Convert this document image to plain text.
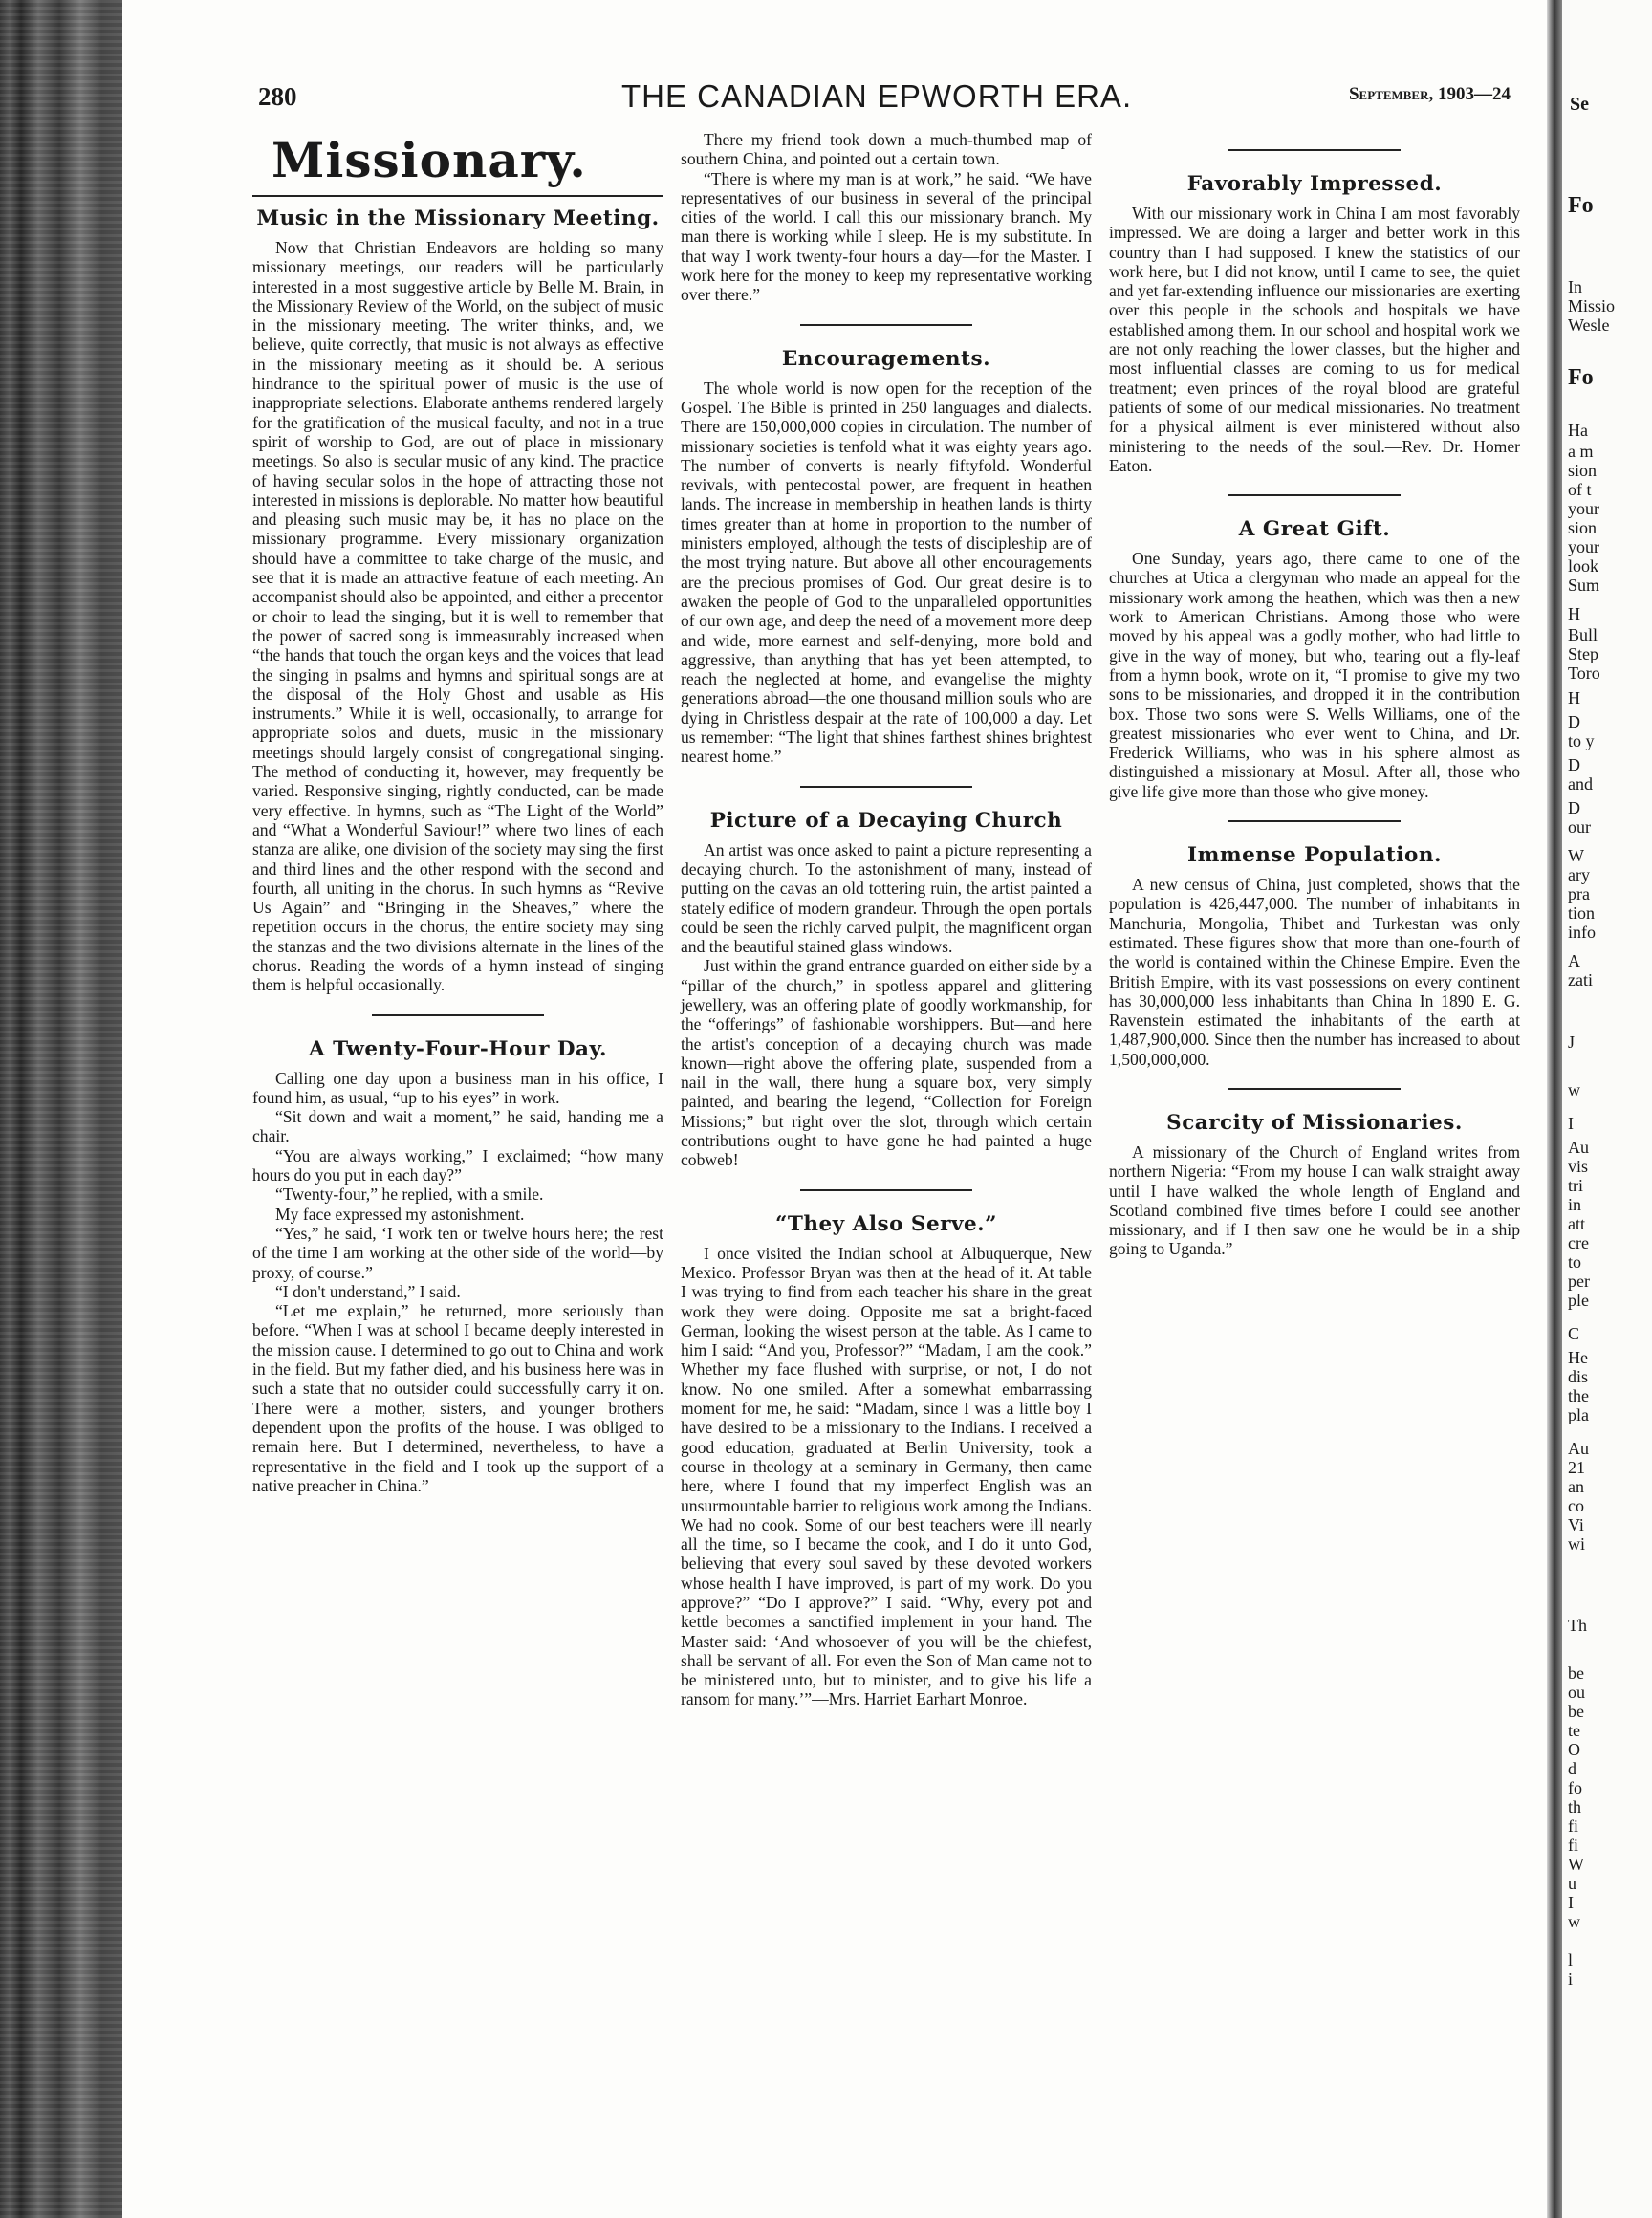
Se
Fo
In
Missio
Wesle
Fo
Ha
a m
sion
of t
your
sion
your
look
Sum
H
Bull
Step
Toro
H
D
to y
D
and
D
our
W
ary
pra
tion
info
A
zati
J
w
I
Au
vis
tri
in
att
cre
to
per
ple
C
He
dis
the
pla
Au
21
an
co
Vi
wi
Th
be
ou
be
te
O
d
fo
th
fi
fi
W
u
I
w
l
i
280	THE CANADIAN EPWORTH ERA.	September, 1903—24
Missionary.
Music in the Missionary Meeting.

Now that Christian Endeavors are holding so many missionary meetings, our readers will be particularly interested in a most suggestive article by Belle M. Brain, in the Missionary Review of the World, on the subject of music in the missionary meeting. The writer thinks, and, we believe, quite correctly, that music is not always as effective in the missionary meeting as it should be. A serious hindrance to the spiritual power of music is the use of inappropriate selections. Elaborate anthems rendered largely for the gratification of the musical faculty, and not in a true spirit of worship to God, are out of place in missionary meetings. So also is secular music of any kind. The practice of having secular solos in the hope of attracting those not interested in missions is deplorable. No matter how beautiful and pleasing such music may be, it has no place on the missionary programme. Every missionary organization should have a committee to take charge of the music, and see that it is made an attractive feature of each meeting. An accompanist should also be appointed, and either a precentor or choir to lead the singing, but it is well to remember that the power of sacred song is immeasurably increased when “the hands that touch the organ keys and the voices that lead the singing in psalms and hymns and spiritual songs are at the disposal of the Holy Ghost and usable as His instruments.” While it is well, occasionally, to arrange for appropriate solos and duets, music in the missionary meetings should largely consist of congregational singing. The method of conducting it, however, may frequently be varied. Responsive singing, rightly conducted, can be made very effective. In hymns, such as “The Light of the World” and “What a Wonderful Saviour!” where two lines of each stanza are alike, one division of the society may sing the first and third lines and the other respond with the second and fourth, all uniting in the chorus. In such hymns as “Revive Us Again” and “Bringing in the Sheaves,” where the repetition occurs in the chorus, the entire society may sing the stanzas and the two divisions alternate in the lines of the chorus. Reading the words of a hymn instead of singing them is helpful occasionally.

A Twenty-Four-Hour Day.

Calling one day upon a business man in his office, I found him, as usual, “up to his eyes” in work.

“Sit down and wait a moment,” he said, handing me a chair.

“You are always working,” I exclaimed; “how many hours do you put in each day?”

“Twenty-four,” he replied, with a smile.

My face expressed my astonishment.

“Yes,” he said, ‘I work ten or twelve hours here; the rest of the time I am working at the other side of the world—by proxy, of course.”

“I don't understand,” I said.

“Let me explain,” he returned, more seriously than before. “When I was at school I became deeply interested in the mission cause. I determined to go out to China and work in the field. But my father died, and his business here was in such a state that no outsider could successfully carry it on. There were a mother, sisters, and younger brothers dependent upon the profits of the house. I was obliged to remain here. But I determined, nevertheless, to have a representative in the field and I took up the support of a native preacher in China.”

There my friend took down a much-thumbed map of southern China, and pointed out a certain town.

“There is where my man is at work,” he said. “We have representatives of our business in several of the principal cities of the world. I call this our missionary branch. My man there is working while I sleep. He is my substitute. In that way I work twenty-four hours a day—for the Master. I work here for the money to keep my representative working over there.”

Encouragements.

The whole world is now open for the reception of the Gospel. The Bible is printed in 250 languages and dialects. There are 150,000,000 copies in circulation. The number of missionary societies is tenfold what it was eighty years ago. The number of converts is nearly fiftyfold. Wonderful revivals, with pentecostal power, are frequent in heathen lands. The increase in membership in heathen lands is thirty times greater than at home in proportion to the number of ministers employed, although the tests of discipleship are of the most trying nature. But above all other encouragements are the precious promises of God. Our great desire is to awaken the people of God to the unparalleled opportunities of our own age, and deep the need of a movement more deep and wide, more earnest and self-denying, more bold and aggressive, than anything that has yet been attempted, to reach the neglected at home, and evangelise the mighty generations abroad—the one thousand million souls who are dying in Christless despair at the rate of 100,000 a day. Let us remember: “The light that shines farthest shines brightest nearest home.”

Picture of a Decaying Church

An artist was once asked to paint a picture representing a decaying church. To the astonishment of many, instead of putting on the cavas an old tottering ruin, the artist painted a stately edifice of modern grandeur. Through the open portals could be seen the richly carved pulpit, the magnificent organ and the beautiful stained glass windows.

Just within the grand entrance guarded on either side by a “pillar of the church,” in spotless apparel and glittering jewellery, was an offering plate of goodly workmanship, for the “offerings” of fashionable worshippers. But—and here the artist's conception of a decaying church was made known—right above the offering plate, suspended from a nail in the wall, there hung a square box, very simply painted, and bearing the legend, “Collection for Foreign Missions;” but right over the slot, through which certain contributions ought to have gone he had painted a huge cobweb!

“They Also Serve.”

I once visited the Indian school at Albuquerque, New Mexico. Professor Bryan was then at the head of it. At table I was trying to find from each teacher his share in the great work they were doing. Opposite me sat a bright-faced German, looking the wisest person at the table. As I came to him I said: “And you, Professor?” “Madam, I am the cook.” Whether my face flushed with surprise, or not, I do not know. No one smiled. After a somewhat embarrassing moment for me, he said: “Madam, since I was a little boy I have desired to be a missionary to the Indians. I received a good education, graduated at Berlin University, took a course in theology at a seminary in Germany, then came here, where I found that my imperfect English was an unsurmountable barrier to religious work among the Indians. We had no cook. Some of our best teachers were ill nearly all the time, so I became the cook, and I do it unto God, believing that every soul saved by these devoted workers whose health I have improved, is part of my work. Do you approve?” “Do I approve?” I said. “Why, every pot and kettle becomes a sanctified implement in your hand. The Master said: ‘And whosoever of you will be the chiefest, shall be servant of all. For even the Son of Man came not to be ministered unto, but to minister, and to give his life a ransom for many.’”—Mrs. Harriet Earhart Monroe.

Favorably Impressed.

With our missionary work in China I am most favorably impressed. We are doing a larger and better work in this country than I had supposed. I knew the statistics of our work here, but I did not know, until I came to see, the quiet and yet far-extending influence our missionaries are exerting over this people in the schools and hospitals we have established among them. In our school and hospital work we are not only reaching the lower classes, but the higher and most influential classes are coming to us for medical treatment; even princes of the royal blood are grateful patients of some of our medical missionaries. No treatment for a physical ailment is ever ministered without also ministering to the needs of the soul.—Rev. Dr. Homer Eaton.

A Great Gift.

One Sunday, years ago, there came to one of the churches at Utica a clergyman who made an appeal for the missionary work among the heathen, which was then a new work to American Christians. Among those who were moved by his appeal was a godly mother, who had little to give in the way of money, but who, tearing out a fly-leaf from a hymn book, wrote on it, “I promise to give my two sons to be missionaries, and dropped it in the contribution box. Those two sons were S. Wells Williams, one of the greatest missionaries who ever went to China, and Dr. Frederick Williams, who was in his sphere almost as distinguished a missionary at Mosul. After all, those who give life give more than those who give money.

Immense Population.

A new census of China, just completed, shows that the population is 426,447,000. The number of inhabitants in Manchuria, Mongolia, Thibet and Turkestan was only estimated. These figures show that more than one-fourth of the world is contained within the Chinese Empire. Even the British Empire, with its vast possessions on every continent has 30,000,000 less inhabitants than China In 1890 E. G. Ravenstein estimated the inhabitants of the earth at 1,487,900,000. Since then the number has increased to about 1,500,000,000.

Scarcity of Missionaries.

A missionary of the Church of England writes from northern Nigeria: “From my house I can walk straight away until I have walked the whole length of England and Scotland combined five times before I could see another missionary, and if I then saw one he would be in a ship going to Uganda.”
